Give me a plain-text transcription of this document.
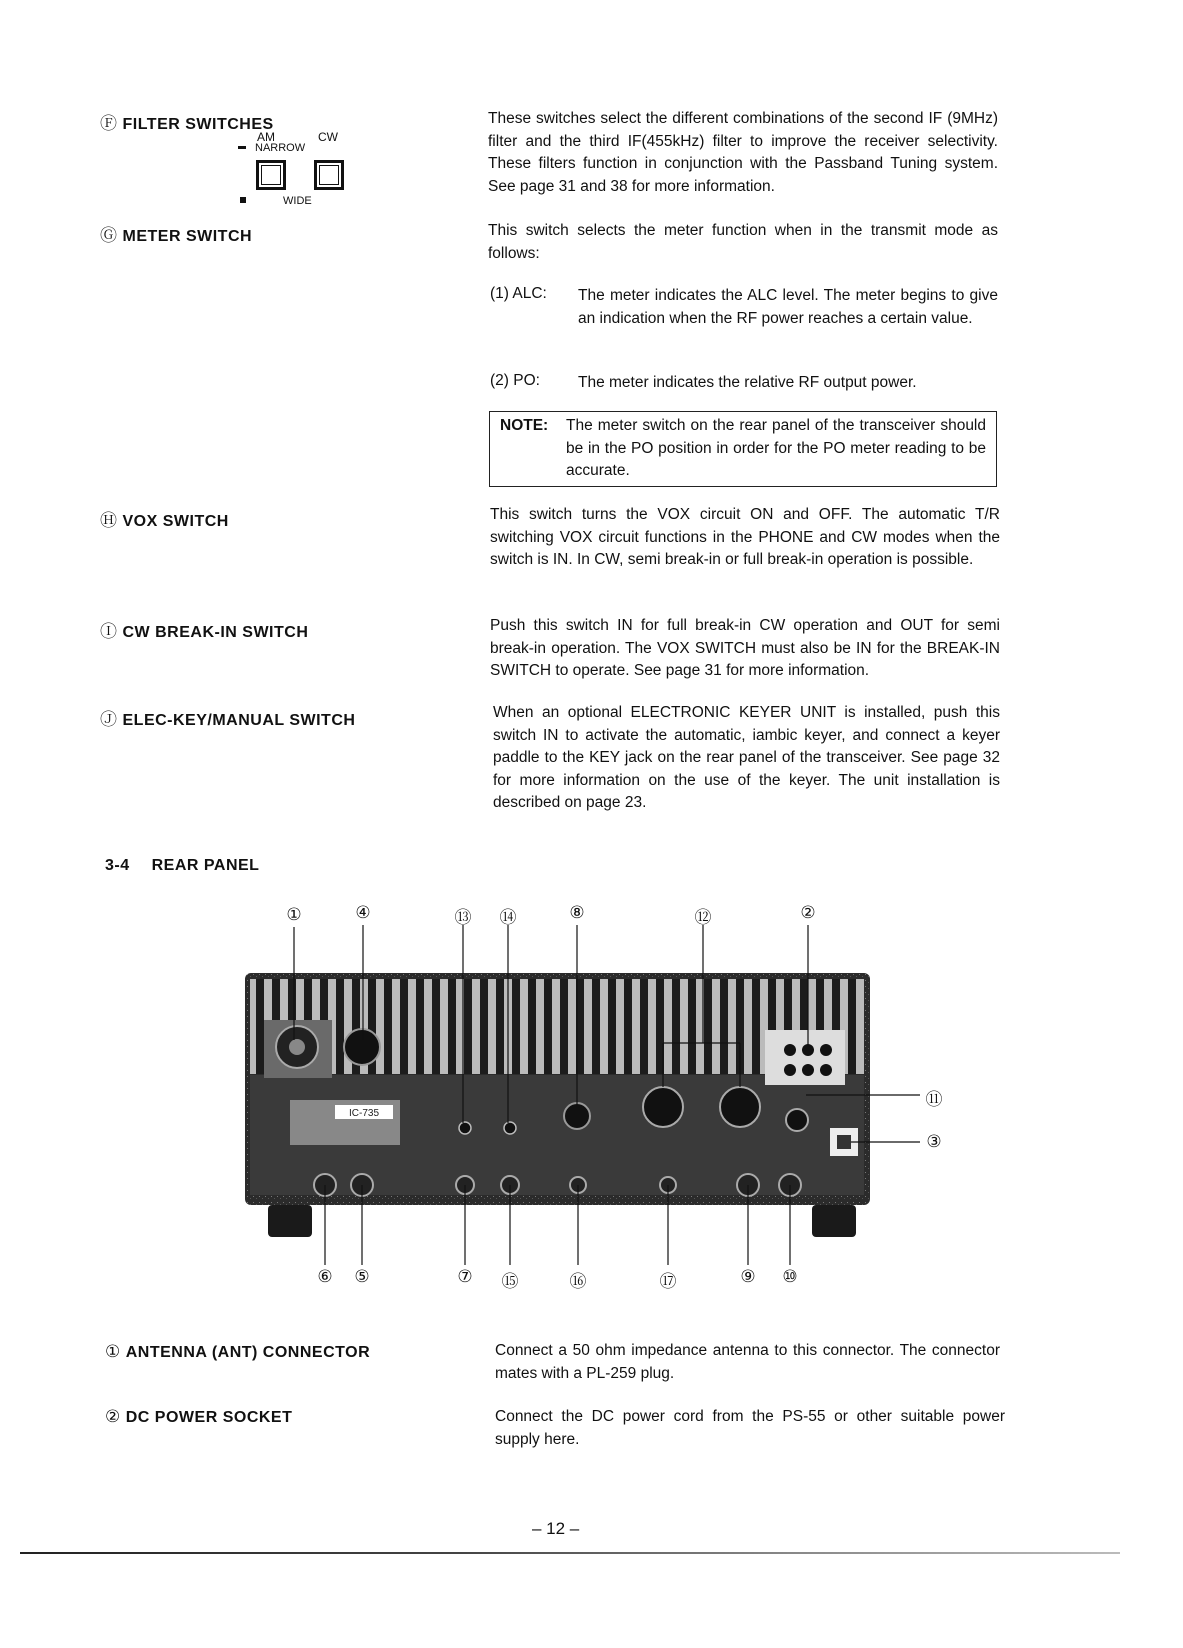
Ⓕ FILTER SWITCHES
AM	CW
NARROW
WIDE
These switches select the different combinations of the second IF (9MHz) filter and the third IF(455kHz) filter to improve the receiver selectivity. These filters function in conjunction with the Passband Tuning system. See page 31 and 38 for more information.
Ⓖ METER SWITCH	This switch selects the meter function when in the transmit mode as follows:
(1) ALC: The meter indicates the ALC level. The meter begins to give an indication when the RF power reaches a certain value.
(2) PO: The meter indicates the relative RF output power.
NOTE:	The meter switch on the rear panel of the transceiver should be in the PO position in order for the PO meter reading to be accurate.
Ⓗ VOX SWITCH	This switch turns the VOX circuit ON and OFF. The automatic T/R switching VOX circuit functions in the PHONE and CW modes when the switch is IN. In CW, semi break-in or full break-in operation is possible.
Ⓘ CW BREAK-IN SWITCH	Push this switch IN for full break-in CW operation and OUT for semi break-in operation. The VOX SWITCH must also be IN for the BREAK-IN SWITCH to operate. See page 31 for more information.
Ⓙ ELEC-KEY/MANUAL SWITCH	When an optional ELECTRONIC KEYER UNIT is installed, push this switch IN to activate the automatic, iambic keyer, and connect a keyer paddle to the KEY jack on the rear panel of the transceiver. See page 32 for more information on the use of the keyer. The unit installation is described on page 23.
3-4 REAR PANEL
①	④	⑬	⑭	⑧	⑫	②
IC-735
⑪
③
⑥	⑤	⑦	⑮	⑯	⑰	⑨	⑩
① ANTENNA (ANT) CONNECTOR	Connect a 50 ohm impedance antenna to this connector. The connector mates with a PL-259 plug.
② DC POWER SOCKET	Connect the DC power cord from the PS-55 or other suitable power supply here.
– 12 –
